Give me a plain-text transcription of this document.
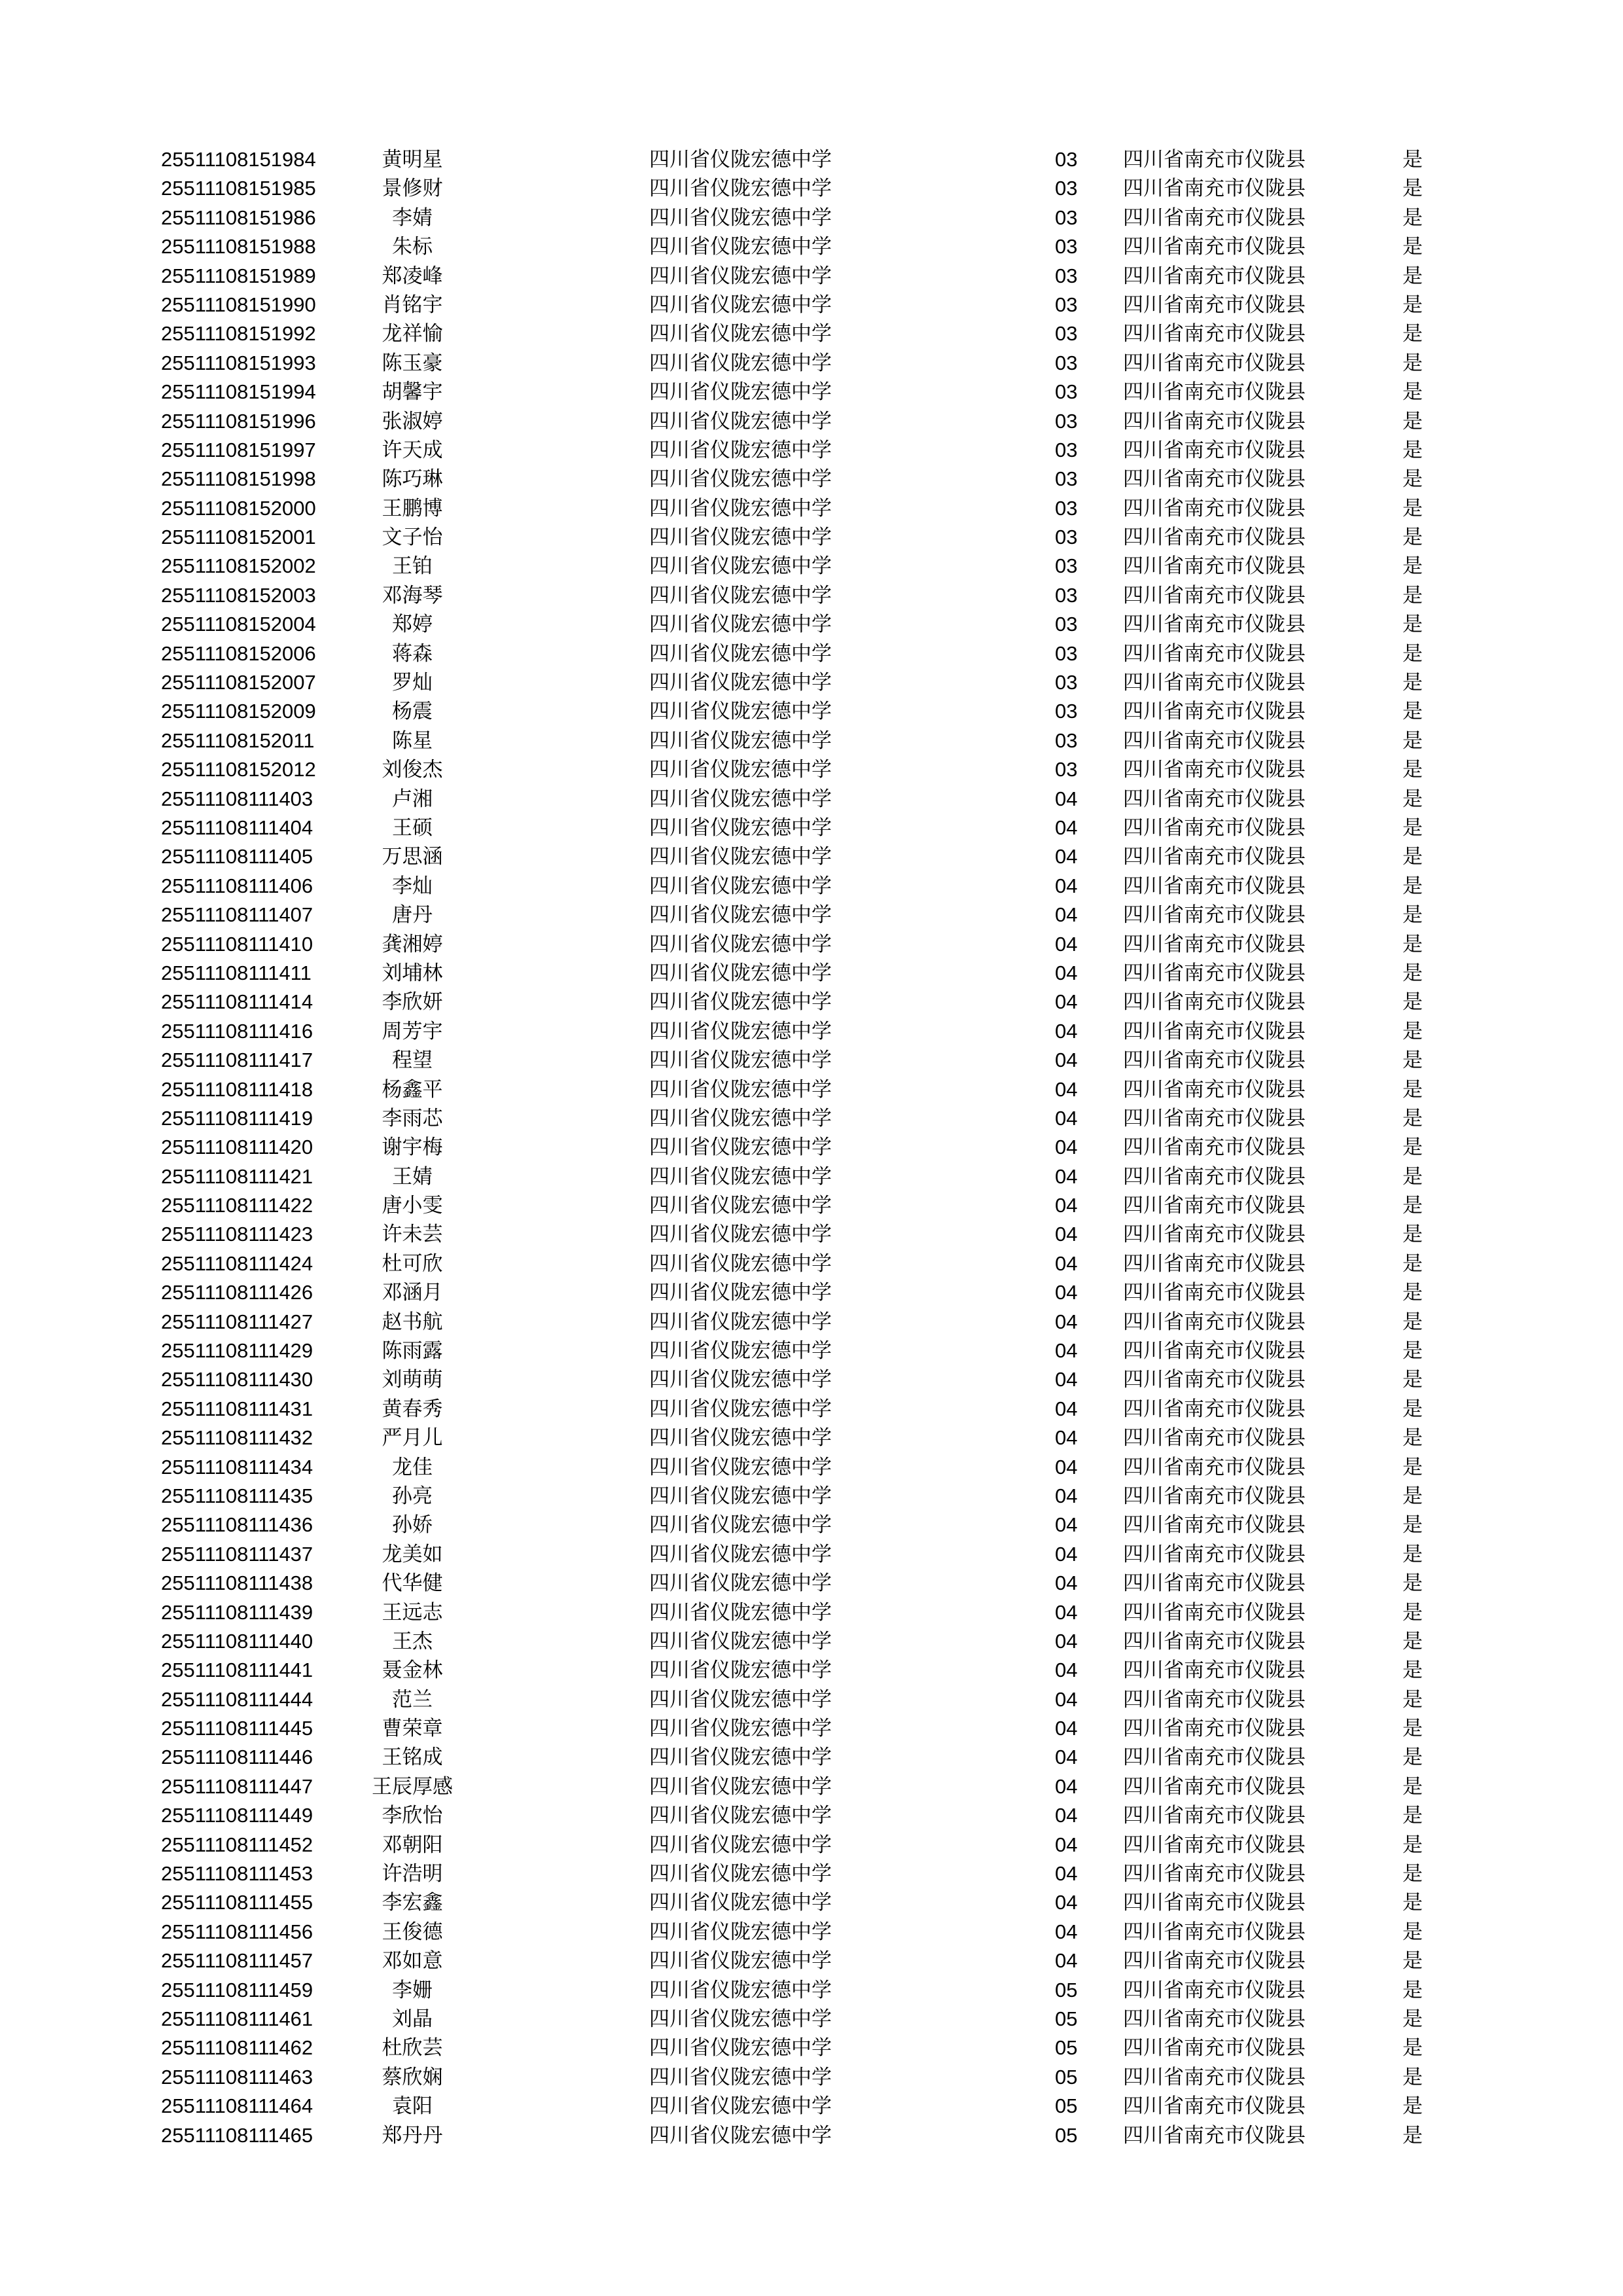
25511108151984	黄明星	四川省仪陇宏德中学	03 四川省南充市仪陇县	是
25511108151985	景修财	四川省仪陇宏德中学	03 四川省南充市仪陇县	是
25511108151986	李婧	四川省仪陇宏德中学	03 四川省南充市仪陇县	是
25511108151988	朱标	四川省仪陇宏德中学	03 四川省南充市仪陇县	是
25511108151989	郑凌峰	四川省仪陇宏德中学	03 四川省南充市仪陇县	是
25511108151990	肖铭宇	四川省仪陇宏德中学	03 四川省南充市仪陇县	是
25511108151992	龙祥愉	四川省仪陇宏德中学	03 四川省南充市仪陇县	是
25511108151993	陈玉豪	四川省仪陇宏德中学	03 四川省南充市仪陇县	是
25511108151994	胡馨宇	四川省仪陇宏德中学	03 四川省南充市仪陇县	是
25511108151996	张淑婷	四川省仪陇宏德中学	03 四川省南充市仪陇县	是
25511108151997	许天成	四川省仪陇宏德中学	03 四川省南充市仪陇县	是
25511108151998	陈巧琳	四川省仪陇宏德中学	03 四川省南充市仪陇县	是
25511108152000	王鹏博	四川省仪陇宏德中学	03 四川省南充市仪陇县	是
25511108152001	文子怡	四川省仪陇宏德中学	03 四川省南充市仪陇县	是
25511108152002	王铂	四川省仪陇宏德中学	03 四川省南充市仪陇县	是
25511108152003	邓海琴	四川省仪陇宏德中学	03 四川省南充市仪陇县	是
25511108152004	郑婷	四川省仪陇宏德中学	03 四川省南充市仪陇县	是
25511108152006	蒋森	四川省仪陇宏德中学	03 四川省南充市仪陇县	是
25511108152007	罗灿	四川省仪陇宏德中学	03 四川省南充市仪陇县	是
25511108152009	杨震	四川省仪陇宏德中学	03 四川省南充市仪陇县	是
25511108152011	陈星	四川省仪陇宏德中学	03 四川省南充市仪陇县	是
25511108152012	刘俊杰	四川省仪陇宏德中学	03 四川省南充市仪陇县	是
25511108111403	卢湘	四川省仪陇宏德中学	04 四川省南充市仪陇县	是
25511108111404	王硕	四川省仪陇宏德中学	04 四川省南充市仪陇县	是
25511108111405	万思涵	四川省仪陇宏德中学	04 四川省南充市仪陇县	是
25511108111406	李灿	四川省仪陇宏德中学	04 四川省南充市仪陇县	是
25511108111407	唐丹	四川省仪陇宏德中学	04 四川省南充市仪陇县	是
25511108111410	龚湘婷	四川省仪陇宏德中学	04 四川省南充市仪陇县	是
25511108111411	刘埔林	四川省仪陇宏德中学	04 四川省南充市仪陇县	是
25511108111414	李欣妍	四川省仪陇宏德中学	04 四川省南充市仪陇县	是
25511108111416	周芳宇	四川省仪陇宏德中学	04 四川省南充市仪陇县	是
25511108111417	程望	四川省仪陇宏德中学	04 四川省南充市仪陇县	是
25511108111418	杨鑫平	四川省仪陇宏德中学	04 四川省南充市仪陇县	是
25511108111419	李雨芯	四川省仪陇宏德中学	04 四川省南充市仪陇县	是
25511108111420	谢宇梅	四川省仪陇宏德中学	04 四川省南充市仪陇县	是
25511108111421	王婧	四川省仪陇宏德中学	04 四川省南充市仪陇县	是
25511108111422	唐小雯	四川省仪陇宏德中学	04 四川省南充市仪陇县	是
25511108111423	许未芸	四川省仪陇宏德中学	04 四川省南充市仪陇县	是
25511108111424	杜可欣	四川省仪陇宏德中学	04 四川省南充市仪陇县	是
25511108111426	邓涵月	四川省仪陇宏德中学	04 四川省南充市仪陇县	是
25511108111427	赵书航	四川省仪陇宏德中学	04 四川省南充市仪陇县	是
25511108111429	陈雨露	四川省仪陇宏德中学	04 四川省南充市仪陇县	是
25511108111430	刘萌萌	四川省仪陇宏德中学	04 四川省南充市仪陇县	是
25511108111431	黄春秀	四川省仪陇宏德中学	04 四川省南充市仪陇县	是
25511108111432	严月儿	四川省仪陇宏德中学	04 四川省南充市仪陇县	是
25511108111434	龙佳	四川省仪陇宏德中学	04 四川省南充市仪陇县	是
25511108111435	孙亮	四川省仪陇宏德中学	04 四川省南充市仪陇县	是
25511108111436	孙娇	四川省仪陇宏德中学	04 四川省南充市仪陇县	是
25511108111437	龙美如	四川省仪陇宏德中学	04 四川省南充市仪陇县	是
25511108111438	代华健	四川省仪陇宏德中学	04 四川省南充市仪陇县	是
25511108111439	王远志	四川省仪陇宏德中学	04 四川省南充市仪陇县	是
25511108111440	王杰	四川省仪陇宏德中学	04 四川省南充市仪陇县	是
25511108111441	聂金林	四川省仪陇宏德中学	04 四川省南充市仪陇县	是
25511108111444	范兰	四川省仪陇宏德中学	04 四川省南充市仪陇县	是
25511108111445	曹荣章	四川省仪陇宏德中学	04 四川省南充市仪陇县	是
25511108111446	王铭成	四川省仪陇宏德中学	04 四川省南充市仪陇县	是
25511108111447	王辰厚感	四川省仪陇宏德中学	04 四川省南充市仪陇县	是
25511108111449	李欣怡	四川省仪陇宏德中学	04 四川省南充市仪陇县	是
25511108111452	邓朝阳	四川省仪陇宏德中学	04 四川省南充市仪陇县	是
25511108111453	许浩明	四川省仪陇宏德中学	04 四川省南充市仪陇县	是
25511108111455	李宏鑫	四川省仪陇宏德中学	04 四川省南充市仪陇县	是
25511108111456	王俊德	四川省仪陇宏德中学	04 四川省南充市仪陇县	是
25511108111457	邓如意	四川省仪陇宏德中学	04 四川省南充市仪陇县	是
25511108111459	李姗	四川省仪陇宏德中学	05 四川省南充市仪陇县	是
25511108111461	刘晶	四川省仪陇宏德中学	05 四川省南充市仪陇县	是
25511108111462	杜欣芸	四川省仪陇宏德中学	05 四川省南充市仪陇县	是
25511108111463	蔡欣娴	四川省仪陇宏德中学	05 四川省南充市仪陇县	是
25511108111464	袁阳	四川省仪陇宏德中学	05 四川省南充市仪陇县	是
25511108111465	郑丹丹	四川省仪陇宏德中学	05 四川省南充市仪陇县	是
